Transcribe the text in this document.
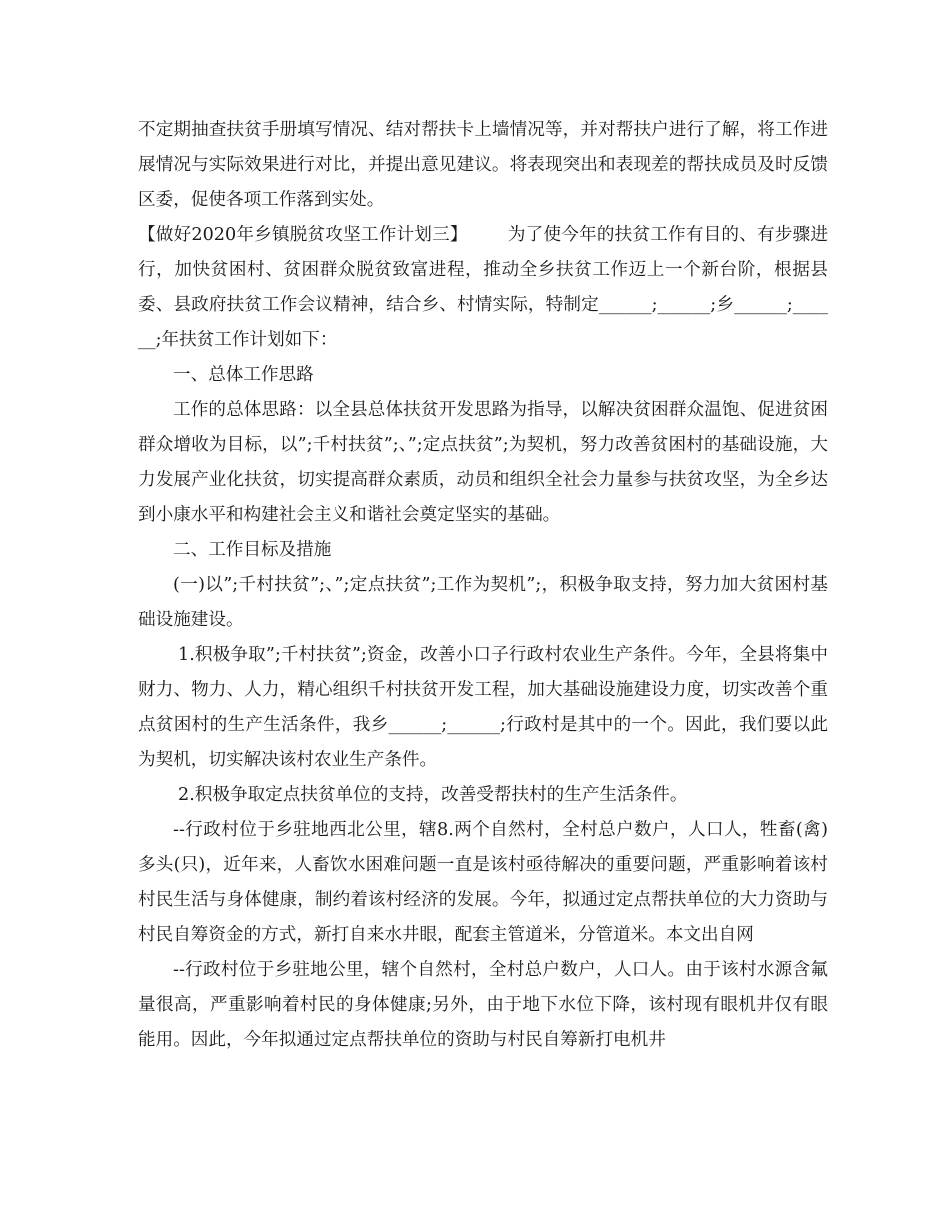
不定期抽查扶贫手册填写情况、结对帮扶卡上墙情况等，并对帮扶户进行了解，将工作进展情况与实际效果进行对比，并提出意见建议。将表现突出和表现差的帮扶成员及时反馈区委，促使各项工作落到实处。

【做好2020年乡镇脱贫攻坚工作计划三】 为了使今年的扶贫工作有目的、有步骤进行，加快贫困村、贫困群众脱贫致富进程，推动全乡扶贫工作迈上一个新台阶，根据县委、县政府扶贫工作会议精神，结合乡、村情实际，特制定______;______;乡______;______;年扶贫工作计划如下：

一、总体工作思路

工作的总体思路：以全县总体扶贫开发思路为指导，以解决贫困群众温饱、促进贫困群众增收为目标，以”;千村扶贫”;、”;定点扶贫”;为契机，努力改善贫困村的基础设施，大力发展产业化扶贫，切实提高群众素质，动员和组织全社会力量参与扶贫攻坚，为全乡达到小康水平和构建社会主义和谐社会奠定坚实的基础。

二、工作目标及措施

(一)以”;千村扶贫”;、”;定点扶贫”;工作为契机”;，积极争取支持，努力加大贫困村基础设施建设。

1.积极争取”;千村扶贫”;资金，改善小口子行政村农业生产条件。今年，全县将集中财力、物力、人力，精心组织千村扶贫开发工程，加大基础设施建设力度，切实改善个重点贫困村的生产生活条件，我乡______;______;行政村是其中的一个。因此，我们要以此为契机，切实解决该村农业生产条件。

2.积极争取定点扶贫单位的支持，改善受帮扶村的生产生活条件。

--行政村位于乡驻地西北公里，辖8.两个自然村，全村总户数户，人口人，牲畜(禽)多头(只)，近年来，人畜饮水困难问题一直是该村亟待解决的重要问题，严重影响着该村村民生活与身体健康，制约着该村经济的发展。今年，拟通过定点帮扶单位的大力资助与村民自筹资金的方式，新打自来水井眼，配套主管道米，分管道米。本文出自网

--行政村位于乡驻地公里，辖个自然村，全村总户数户，人口人。由于该村水源含氟量很高，严重影响着村民的身体健康;另外，由于地下水位下降，该村现有眼机井仅有眼能用。因此，今年拟通过定点帮扶单位的资助与村民自筹新打电机井
